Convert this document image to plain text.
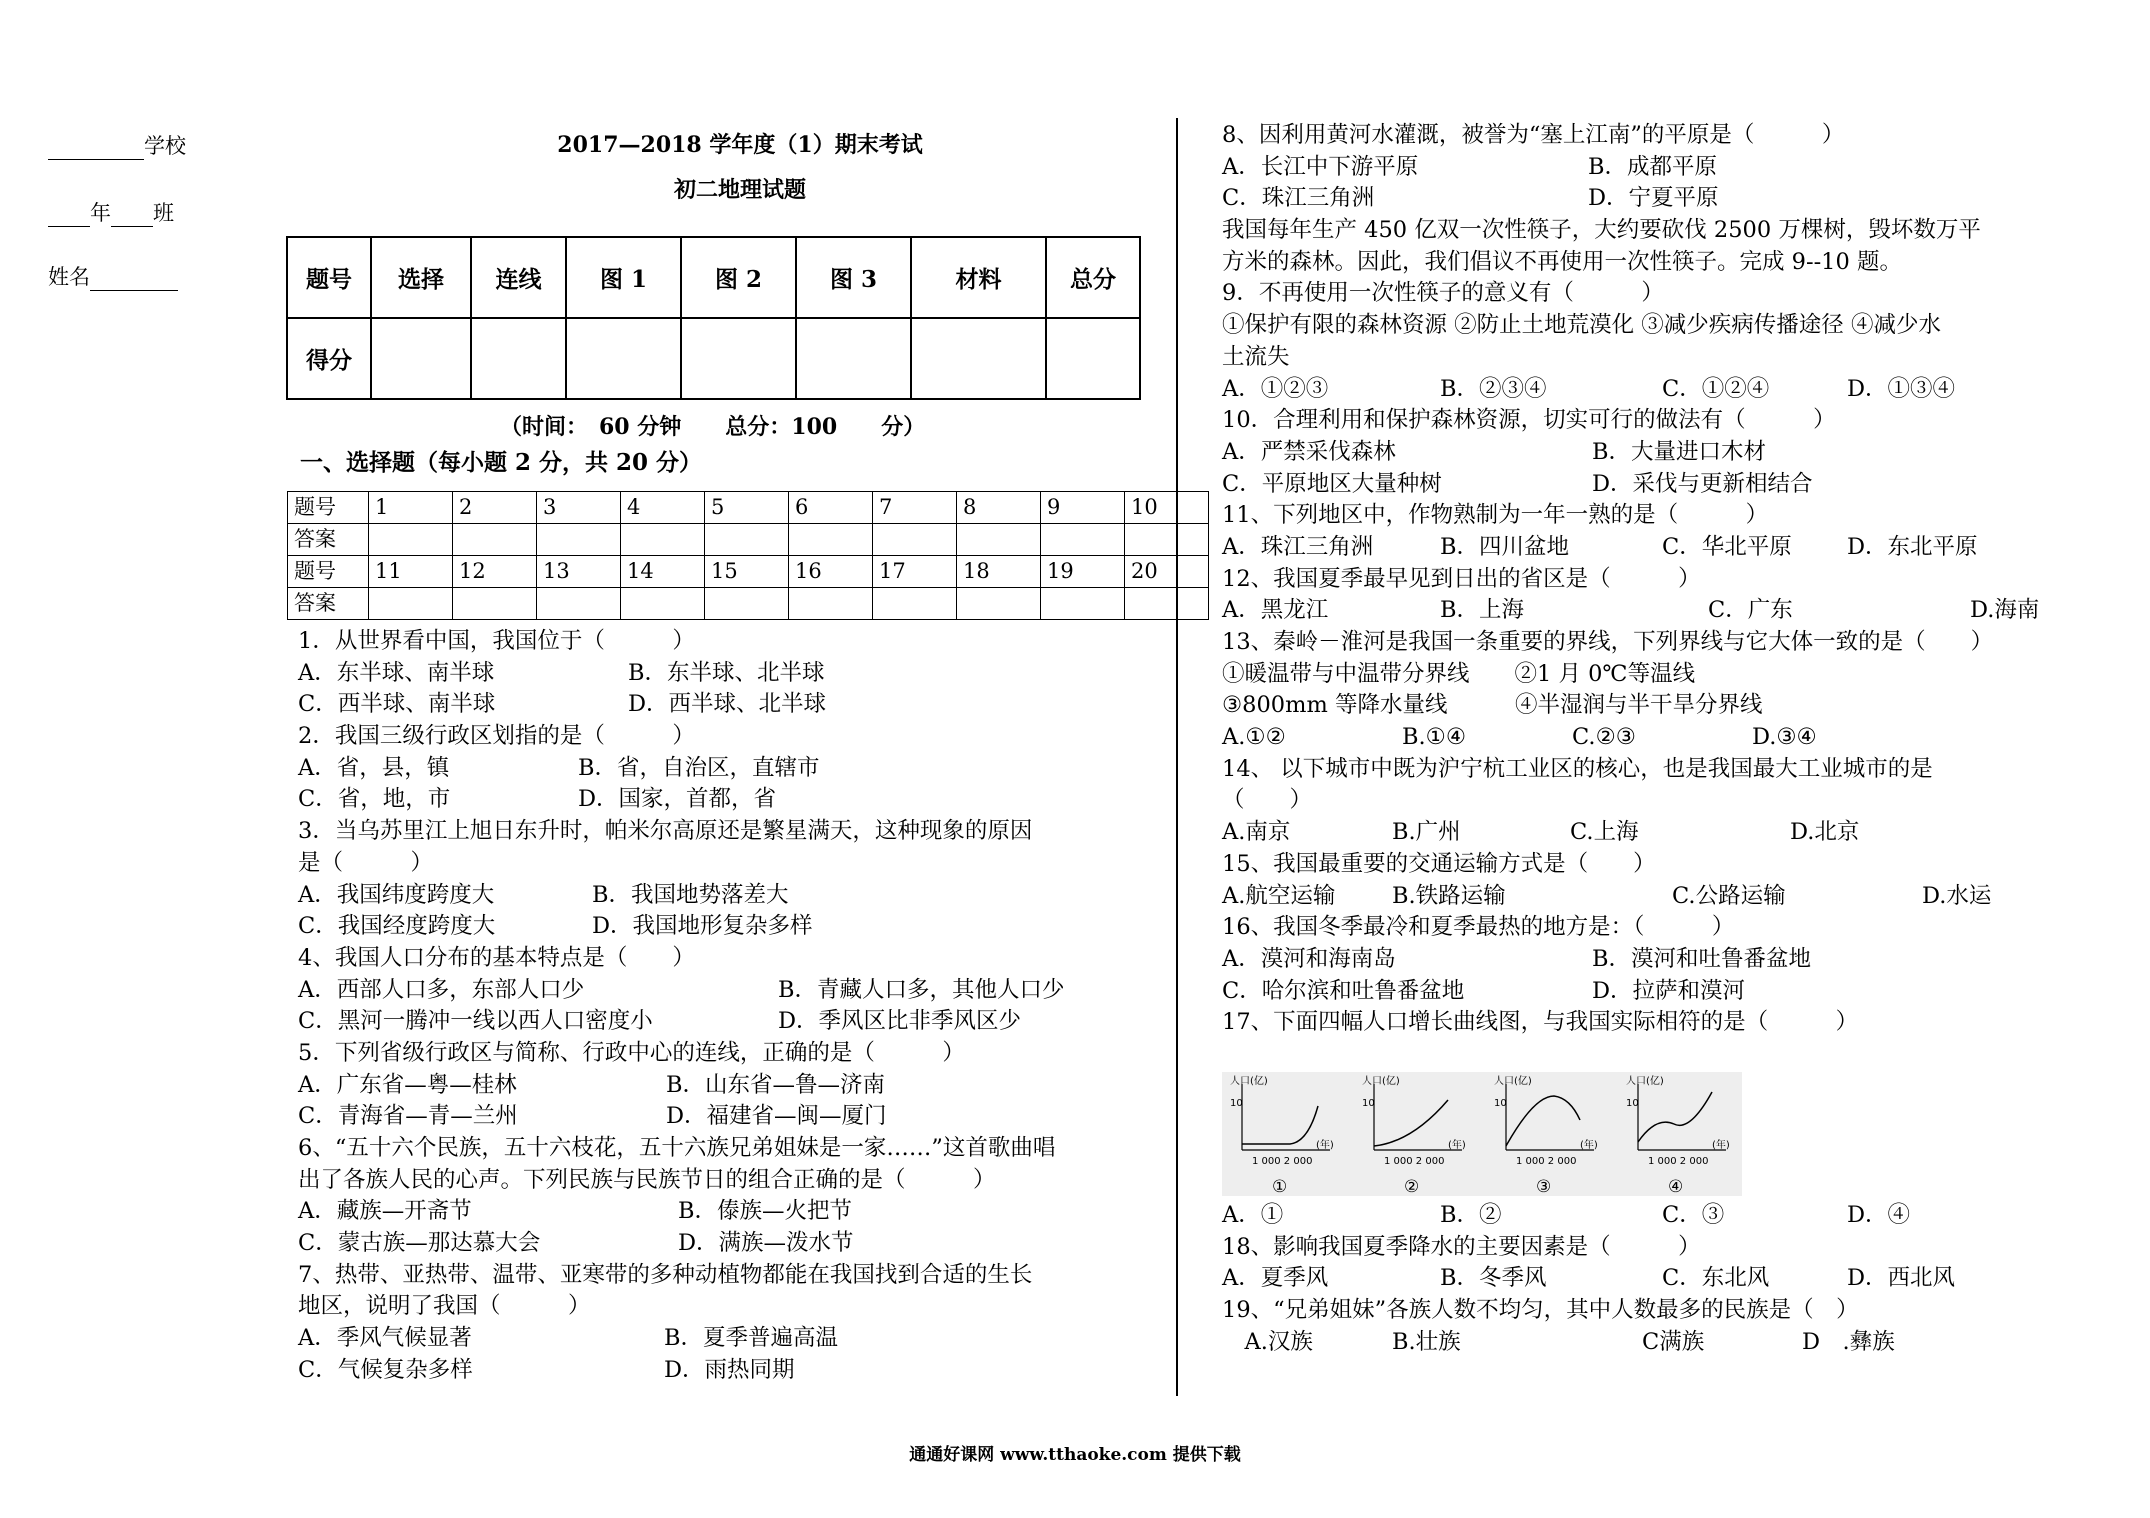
学校
年 班
姓名
2017—2018 学年度（1）期末考试
初二地理试题
题号	选择	连线	图 1	图 2	图 3	材料	总分
得分							
（时间：　60 分钟　　总分：100　　分）
一、选择题（每小题 2 分，共 20 分）
题号	1	2	3	4	5	6	7	8	9	10
答案										
题号	11	12	13	14	15	16	17	18	19	20
答案										
1．从世界看中国，我国位于（　　　）
A．东半球、南半球	B．东半球、北半球
C．西半球、南半球	D．西半球、北半球
2．我国三级行政区划指的是（　　　）
A．省，县，镇	B．省，自治区，直辖市
C．省，地，市	D．国家，首都，省
3．当乌苏里江上旭日东升时，帕米尔高原还是繁星满天，这种现象的原因
是（　　　）
A．我国纬度跨度大	B．我国地势落差大
C．我国经度跨度大	D．我国地形复杂多样
4、我国人口分布的基本特点是（　　）
A．西部人口多，东部人口少	B．青藏人口多，其他人口少
C．黑河一腾冲一线以西人口密度小	D．季风区比非季风区少
5．下列省级行政区与简称、行政中心的连线，正确的是（　　　）
A．广东省—粤—桂林	B．山东省—鲁—济南
C．青海省—青—兰州	D．福建省—闽—厦门
6、“五十六个民族，五十六枝花，五十六族兄弟姐妹是一家……”这首歌曲唱
出了各族人民的心声。下列民族与民族节日的组合正确的是（　　　）
A．藏族—开斋节	B．傣族—火把节
C．蒙古族—那达慕大会	D．满族—泼水节
7、热带、亚热带、温带、亚寒带的多种动植物都能在我国找到合适的生长
地区，说明了我国（　　　）
A．季风气候显著	B．夏季普遍高温
C．气候复杂多样	D．雨热同期
8、因利用黄河水灌溉，被誉为“塞上江南”的平原是（　　　）
A．长江中下游平原	B．成都平原
C．珠江三角洲	D．宁夏平原
我国每年生产 450 亿双一次性筷子，大约要砍伐 2500 万棵树，毁坏数万平
方米的森林。因此，我们倡议不再使用一次性筷子。完成 9--10 题。
9．不再使用一次性筷子的意义有（　　　）
①保护有限的森林资源 ②防止土地荒漠化 ③减少疾病传播途径 ④减少水
土流失
A．①②③	B．②③④	C．①②④	D．①③④
10．合理利用和保护森林资源，切实可行的做法有（　　　）
A．严禁采伐森林	B．大量进口木材
C．平原地区大量种树	D．采伐与更新相结合
11、下列地区中，作物熟制为一年一熟的是（　　　）
A．珠江三角洲	B．四川盆地	C．华北平原 D．东北平原
12、我国夏季最早见到日出的省区是（　　　）
A．黑龙江	B．上海	C．广东	D.海南
13、秦岭－淮河是我国一条重要的界线，下列界线与它大体一致的是（　　）
①暖温带与中温带分界线　　②1 月 0℃等温线
③800mm 等降水量线　　　④半湿润与半干旱分界线
A.①②	B.①④	C.②③	D.③④
14、 以下城市中既为沪宁杭工业区的核心，也是我国最大工业城市的是
（　　）
A.南京	B.广州	C.上海	D.北京
15、我国最重要的交通运输方式是（　　）
A.航空运输	B.铁路运输	C.公路运输	D.水运
16、我国冬季最冷和夏季最热的地方是：（　　　）
A．漠河和海南岛	B．漠河和吐鲁番盆地
C．哈尔滨和吐鲁番盆地	D．拉萨和漠河
17、下面四幅人口增长曲线图，与我国实际相符的是（　　　）
人口(亿)
10
1 000 2 000
(年)
①
人口(亿)
10
1 000 2 000
(年)
②
人口(亿)
10
1 000 2 000
(年)
③
人口(亿)
10
1 000 2 000
(年)
④
A．①	B．②	C．③	D．④
18、影响我国夏季降水的主要因素是（　　　）
A．夏季风	B．冬季风	C．东北风	D．西北风
19、“兄弟姐妹”各族人数不均匀，其中人数最多的民族是（　）
　A.汉族	B.壮族	C满族	D　.彝族
通通好课网 www.tthaoke.com 提供下载
